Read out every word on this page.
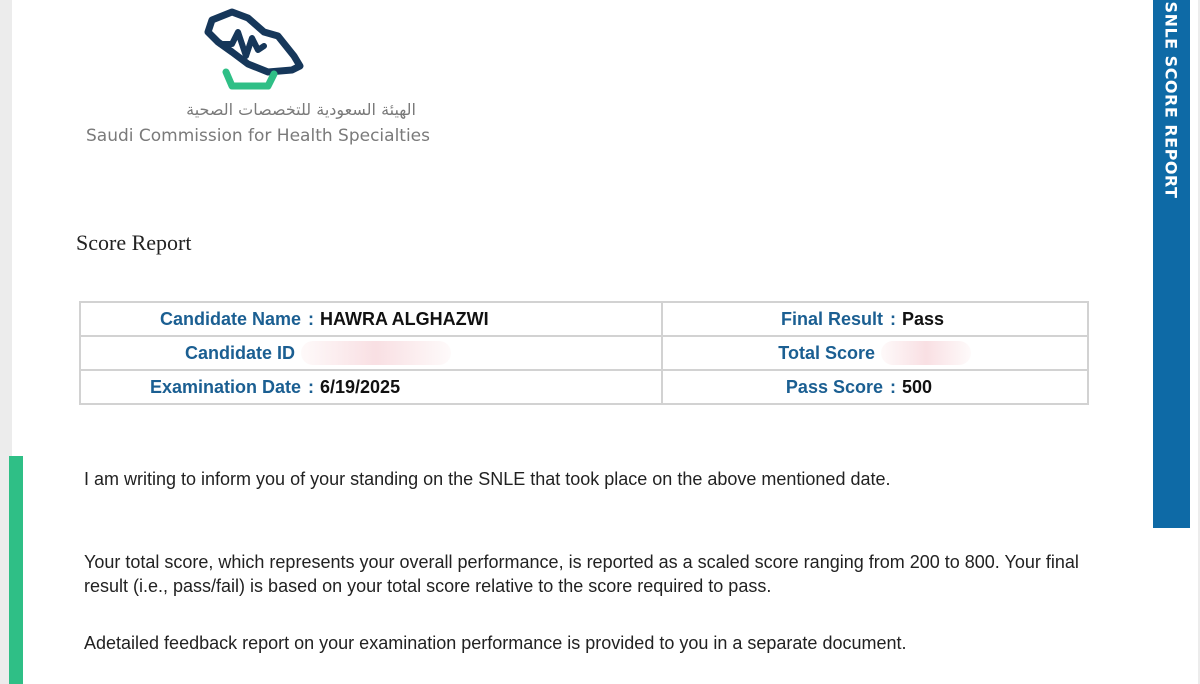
SNLE SCORE REPORT
الهيئة السعودية للتخصصات الصحية
Saudi Commission for Health Specialties
Score Report
Candidate Name : HAWRA ALGHAZWI	Final Result : Pass

Candidate ID	Total Score

Examination Date : 6/19/2025	Pass Score : 500
I am writing to inform you of your standing on the SNLE that took place on the above mentioned date.
Your total score, which represents your overall performance, is reported as a scaled score ranging from 200 to 800. Your final result (i.e., pass/fail) is based on your total score relative to the score required to pass.
Adetailed feedback report on your examination performance is provided to you in a separate document.
